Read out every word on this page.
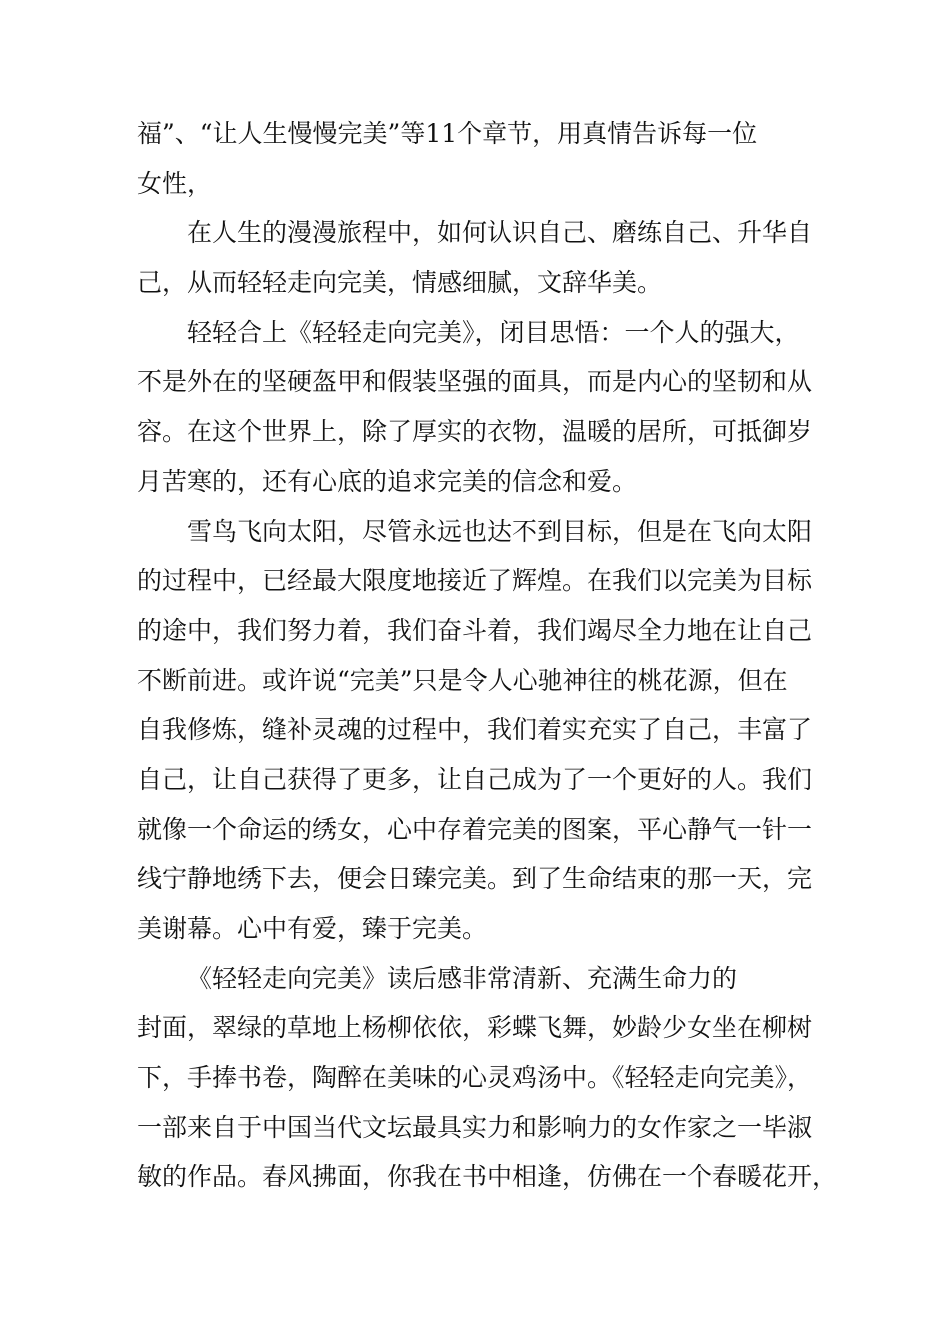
福”、“让人生慢慢完美”等11个章节，用真情告诉每一位
女性，
在人生的漫漫旅程中，如何认识自己、磨练自己、升华自
己，从而轻轻走向完美，情感细腻，文辞华美。
轻轻合上《轻轻走向完美》，闭目思悟：一个人的强大，
不是外在的坚硬盔甲和假装坚强的面具，而是内心的坚韧和从
容。在这个世界上，除了厚实的衣物，温暖的居所，可抵御岁
月苦寒的，还有心底的追求完美的信念和爱。
雪鸟飞向太阳，尽管永远也达不到目标，但是在飞向太阳
的过程中，已经最大限度地接近了辉煌。在我们以完美为目标
的途中，我们努力着，我们奋斗着，我们竭尽全力地在让自己
不断前进。或许说“完美”只是令人心驰神往的桃花源，但在
自我修炼，缝补灵魂的过程中，我们着实充实了自己，丰富了
自己，让自己获得了更多，让自己成为了一个更好的人。我们
就像一个命运的绣女，心中存着完美的图案，平心静气一针一
线宁静地绣下去，便会日臻完美。到了生命结束的那一天，完
美谢幕。心中有爱，臻于完美。
《轻轻走向完美》读后感非常清新、充满生命力的
封面，翠绿的草地上杨柳依依，彩蝶飞舞，妙龄少女坐在柳树
下，手捧书卷，陶醉在美味的心灵鸡汤中。《轻轻走向完美》，
一部来自于中国当代文坛最具实力和影响力的女作家之一毕淑
敏的作品。春风拂面，你我在书中相逢，仿佛在一个春暖花开，
